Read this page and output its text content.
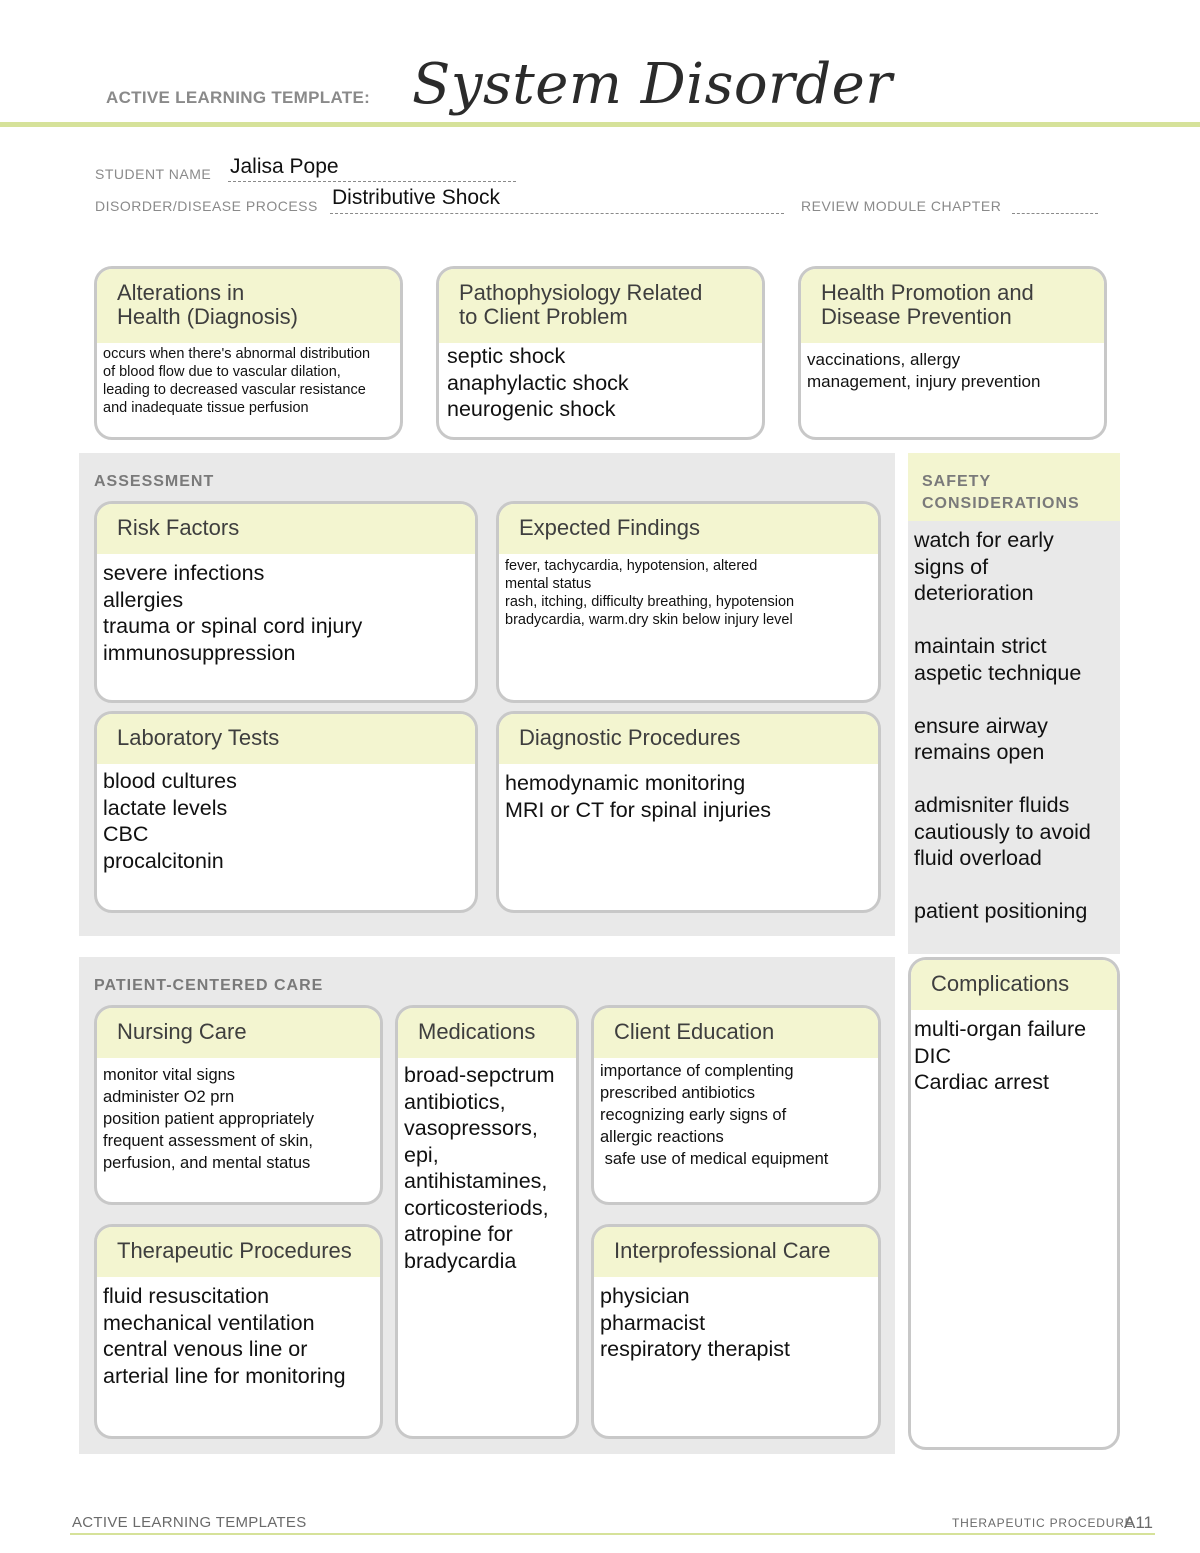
ACTIVE LEARNING TEMPLATE: System Disorder
STUDENT NAME Jalisa Pope
DISORDER/DISEASE PROCESS Distributive Shock	REVIEW MODULE CHAPTER
Alterations in
Health (Diagnosis)
occurs when there's abnormal distribution
of blood flow due to vascular dilation,
leading to decreased vascular resistance
and inadequate tissue perfusion
Pathophysiology Related
to Client Problem
septic shock
anaphylactic shock
neurogenic shock
Health Promotion and
Disease Prevention
vaccinations, allergy
management, injury prevention
ASSESSMENT
Risk Factors
severe infections
allergies
trauma or spinal cord injury
immunosuppression
Expected Findings
fever, tachycardia, hypotension, altered
mental status
rash, itching, difficulty breathing, hypotension
bradycardia, warm.dry skin below injury level
Laboratory Tests
blood cultures
lactate levels
CBC
procalcitonin
Diagnostic Procedures
hemodynamic monitoring
MRI or CT for spinal injuries
SAFETY
CONSIDERATIONS
watch for early
signs of
deterioration
maintain strict
aspetic technique
ensure airway
remains open
admisniter fluids
cautiously to avoid
fluid overload
patient positioning
Complications
multi-organ failure
DIC
Cardiac arrest
PATIENT-CENTERED CARE
Nursing Care
monitor vital signs
administer O2 prn
position patient appropriately
frequent assessment of skin,
perfusion, and mental status
Medications
broad-sepctrum
antibiotics,
vasopressors,
epi,
antihistamines,
corticosteriods,
atropine for
bradycardia
Client Education
importance of complenting
prescribed antibiotics
recognizing early signs of
allergic reactions
safe use of medical equipment
Therapeutic Procedures
fluid resuscitation
mechanical ventilation
central venous line or
arterial line for monitoring
Interprofessional Care
physician
pharmacist
respiratory therapist
ACTIVE LEARNING TEMPLATES	THERAPEUTIC PROCEDURE
A11
